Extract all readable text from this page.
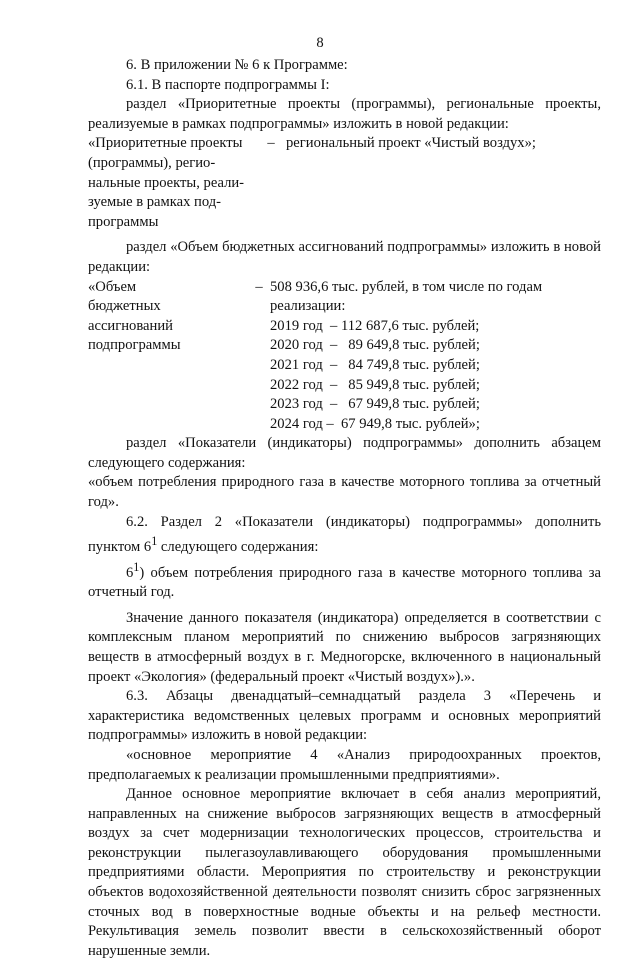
8

6. В приложении № 6 к Программе:

6.1. В паспорте подпрограммы I:

раздел «Приоритетные проекты (программы), региональные проекты, реализуемые в рамках подпрограммы» изложить в новой редакции:

«Приоритетные проекты
(программы), регио-
нальные проекты, реали-
зуемые в рамках под-
программы
– региональный проект «Чистый воздух»;

раздел «Объем бюджетных ассигнований подпрограммы» изложить в новой редакции:

«Объем
бюджетных
ассигнований
подпрограммы
– 508 936,6 тыс. рублей, в том числе по годам
реализации:
2019 год  – 112 687,6 тыс. рублей;
2020 год  –   89 649,8 тыс. рублей;
2021 год  –   84 749,8 тыс. рублей;
2022 год  –   85 949,8 тыс. рублей;
2023 год  –   67 949,8 тыс. рублей;
2024 год –  67 949,8 тыс. рублей»;

раздел «Показатели (индикаторы) подпрограммы» дополнить абзацем следующего содержания:

«объем потребления природного газа в качестве моторного топлива за отчетный год».

6.2. Раздел 2 «Показатели (индикаторы) подпрограммы» дополнить пунктом $6^1$ следующего содержания:

$6^1$) объем потребления природного газа в качестве моторного топлива за отчетный год.

Значение данного показателя (индикатора) определяется в соответствии с комплексным планом мероприятий по снижению выбросов загрязняющих веществ в атмосферный воздух в г. Медногорске, включенного в национальный проект «Экология» (федеральный проект «Чистый воздух»).».

6.3. Абзацы двенадцатый–семнадцатый раздела 3 «Перечень и характеристика ведомственных целевых программ и основных мероприятий подпрограммы» изложить в новой редакции:

«основное мероприятие 4 «Анализ природоохранных проектов, предполагаемых к реализации промышленными предприятиями».

Данное основное мероприятие включает в себя анализ мероприятий, направленных на снижение выбросов загрязняющих веществ в атмосферный воздух за счет модернизации технологических процессов, строительства и реконструкции пылегазоулавливающего оборудования промышленными предприятиями области. Мероприятия по строительству и реконструкции объектов водохозяйственной деятельности позволят снизить сброс загрязненных сточных вод в поверхностные водные объекты и на рельеф местности. Рекультивация земель позволит ввести в сельскохозяйственный оборот нарушенные земли.
